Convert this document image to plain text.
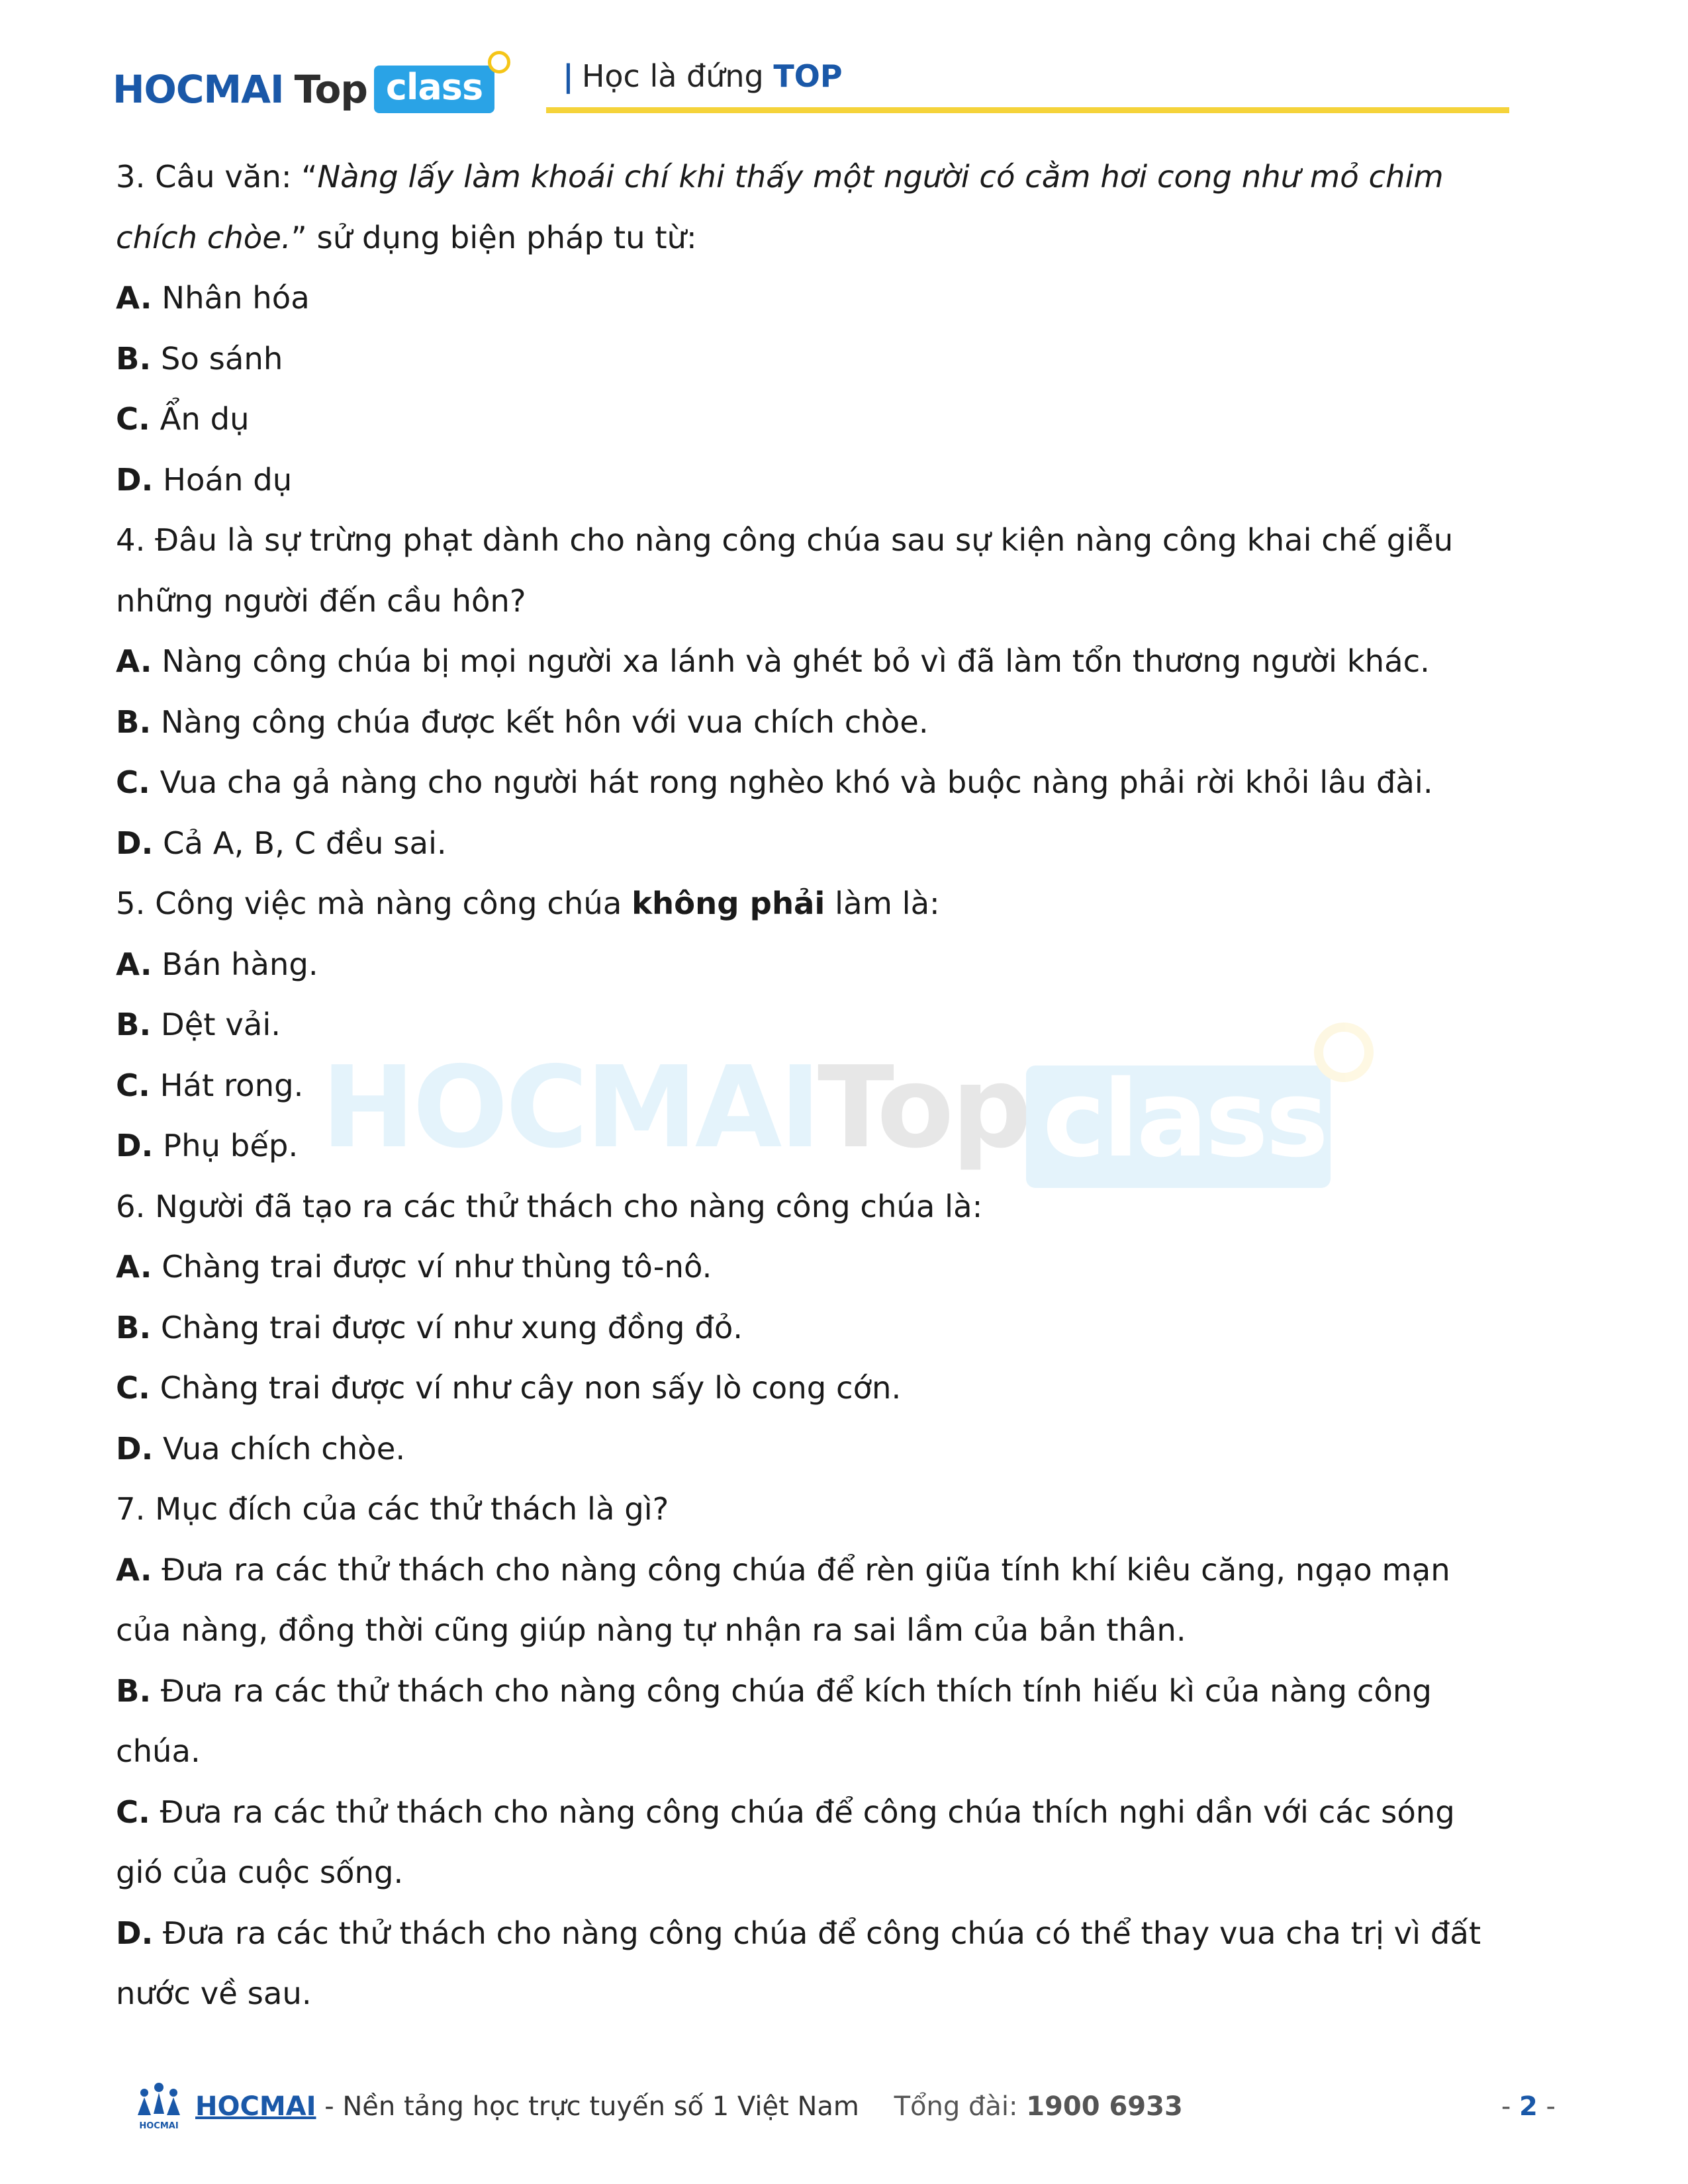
HOCMAI Top class	| Học là đứng TOP
HOCMAI
Top class
3. Câu văn: “Nàng lấy làm khoái chí khi thấy một người có cằm hơi cong như mỏ chim
chích chòe.” sử dụng biện pháp tu từ:
A. Nhân hóa
B. So sánh
C. Ẩn dụ
D. Hoán dụ
4. Đâu là sự trừng phạt dành cho nàng công chúa sau sự kiện nàng công khai chế giễu
những người đến cầu hôn?
A. Nàng công chúa bị mọi người xa lánh và ghét bỏ vì đã làm tổn thương người khác.
B. Nàng công chúa được kết hôn với vua chích chòe.
C. Vua cha gả nàng cho người hát rong nghèo khó và buộc nàng phải rời khỏi lâu đài.
D. Cả A, B, C đều sai.
5. Công việc mà nàng công chúa không phải làm là:
A. Bán hàng.
B. Dệt vải.
C. Hát rong.
D. Phụ bếp.
6. Người đã tạo ra các thử thách cho nàng công chúa là:
A. Chàng trai được ví như thùng tô-nô.
B. Chàng trai được ví như xung đồng đỏ.
C. Chàng trai được ví như cây non sấy lò cong cớn.
D. Vua chích chòe.
7. Mục đích của các thử thách là gì?
A. Đưa ra các thử thách cho nàng công chúa để rèn giũa tính khí kiêu căng, ngạo mạn
của nàng, đồng thời cũng giúp nàng tự nhận ra sai lầm của bản thân.
B. Đưa ra các thử thách cho nàng công chúa để kích thích tính hiếu kì của nàng công
chúa.
C. Đưa ra các thử thách cho nàng công chúa để công chúa thích nghi dần với các sóng
gió của cuộc sống.
D. Đưa ra các thử thách cho nàng công chúa để công chúa có thể thay vua cha trị vì đất
nước về sau.
HOCMAI
HOCMAI - Nền tảng học trực tuyến số 1 Việt Nam Tổng đài: 1900 6933	- 2 -
